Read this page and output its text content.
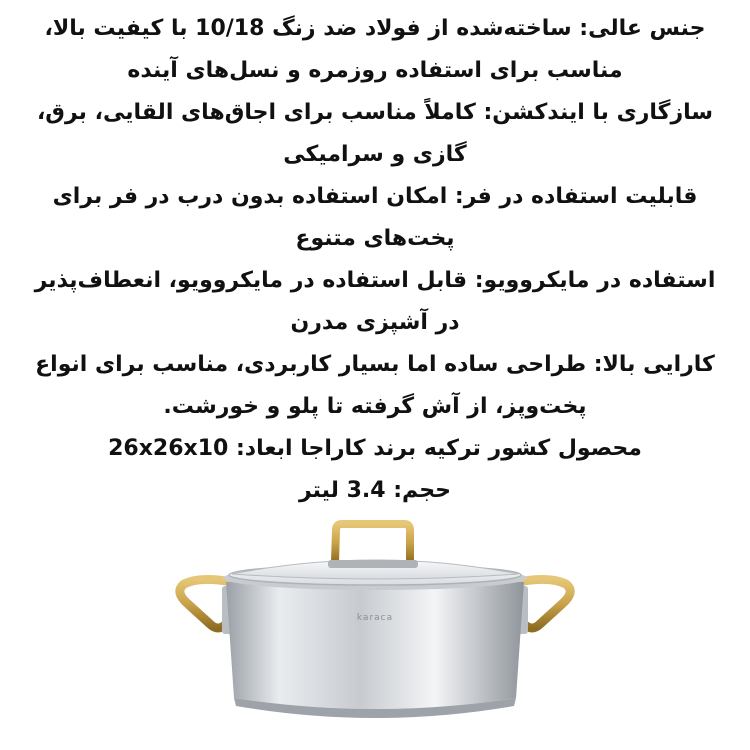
جنس عالی: ساخته‌شده از فولاد ضد زنگ 10/18 با کیفیت بالا،

مناسب برای استفاده روزمره و نسل‌های آینده

سازگاری با ایندکشن: کاملاً مناسب برای اجاق‌های القایی، برق،

گازی و سرامیکی

قابلیت استفاده در فر: امکان استفاده بدون درب در فر برای

پخت‌های متنوع

استفاده در مایکروویو: قابل استفاده در مایکروویو، انعطاف‌پذیر

در آشپزی مدرن

کارایی بالا: طراحی ساده اما بسیار کاربردی، مناسب برای انواع

پخت‌وپز، از آش گرفته تا پلو و خورشت.

محصول کشور ترکیه برند کاراجا ابعاد: 26x26x10

حجم: 3.4 لیتر

karaca
